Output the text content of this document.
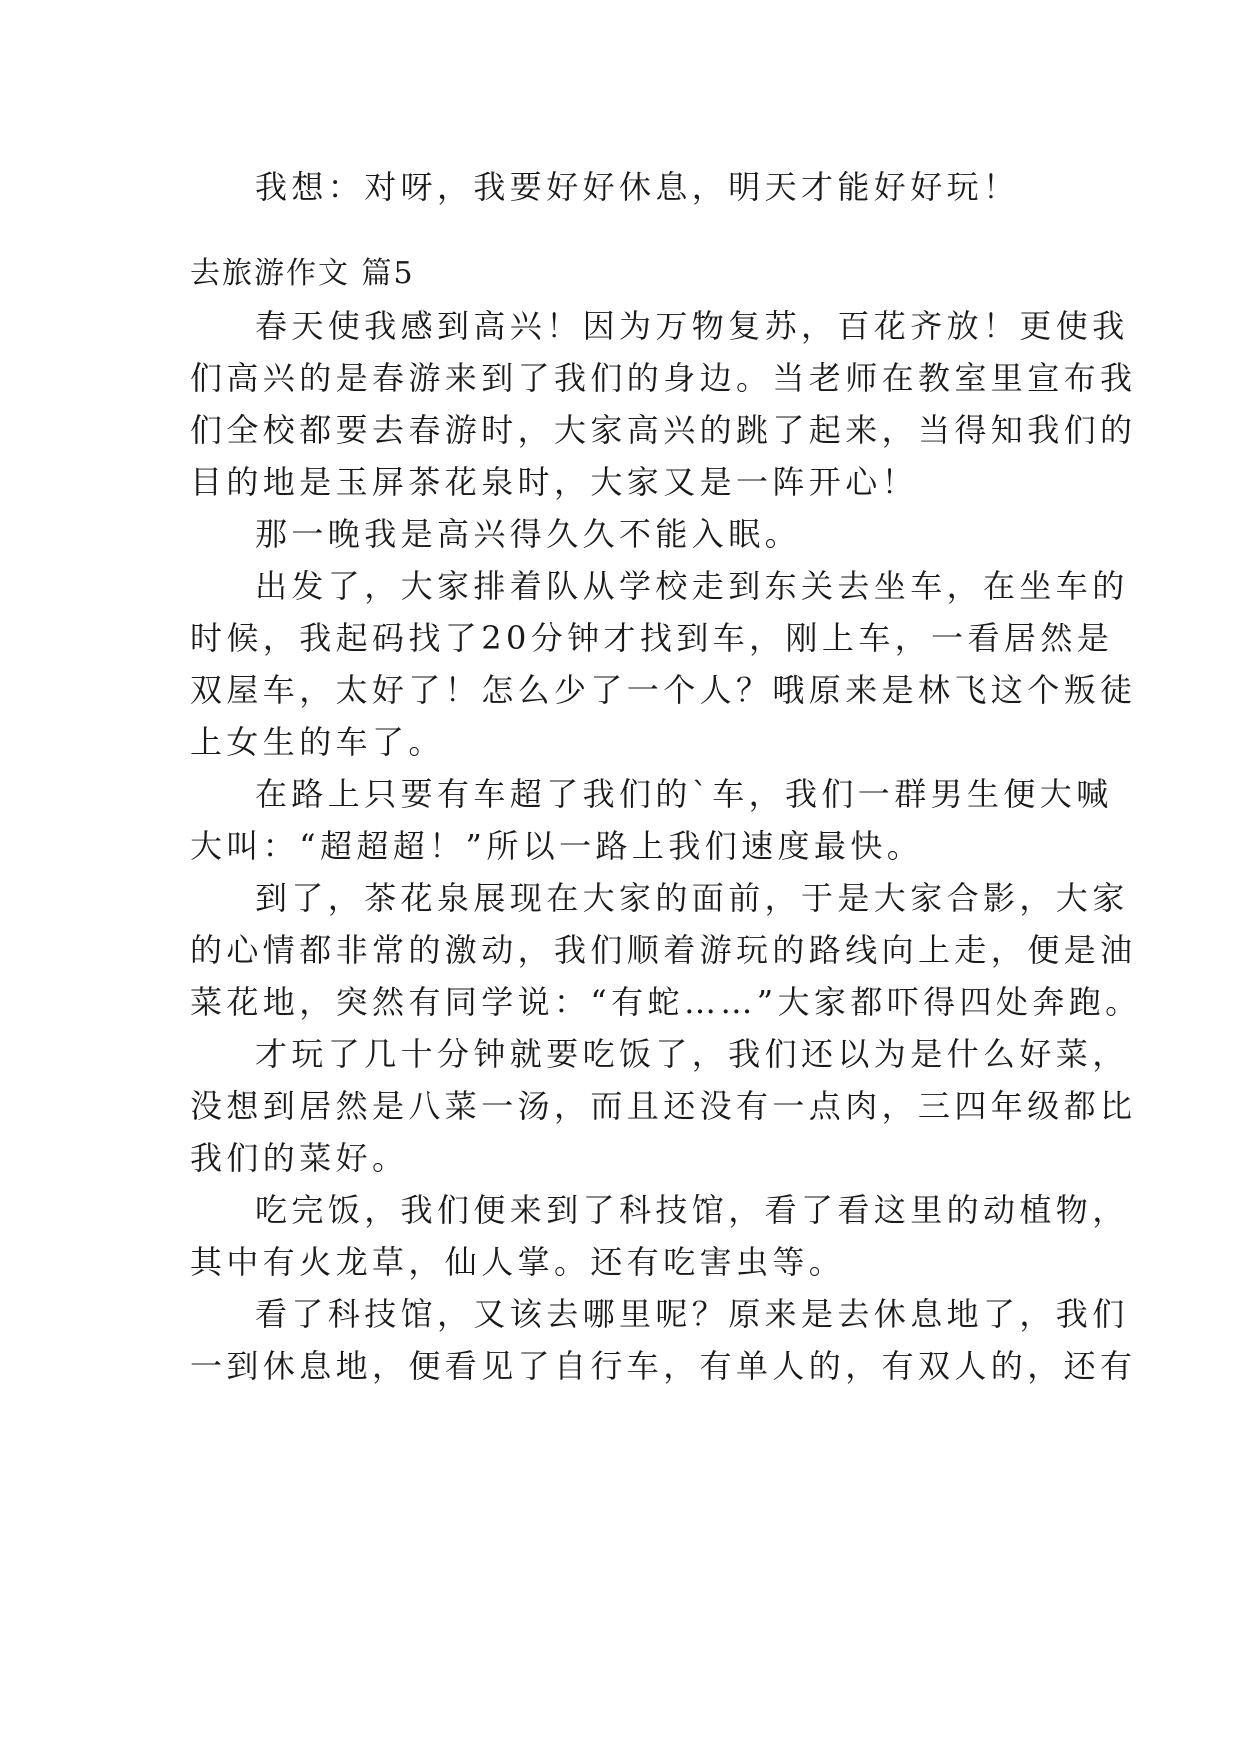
我想：对呀，我要好好休息，明天才能好好玩！
去旅游作文 篇5
春天使我感到高兴！因为万物复苏，百花齐放！更使我
们高兴的是春游来到了我们的身边。当老师在教室里宣布我
们全校都要去春游时，大家高兴的跳了起来，当得知我们的
目的地是玉屏茶花泉时，大家又是一阵开心！
那一晚我是高兴得久久不能入眠。
出发了，大家排着队从学校走到东关去坐车，在坐车的
时候，我起码找了20分钟才找到车，刚上车，一看居然是
双屋车，太好了！怎么少了一个人？哦原来是林飞这个叛徒
上女生的车了。
在路上只要有车超了我们的`车，我们一群男生便大喊
大叫：“超超超！”所以一路上我们速度最快。
到了，茶花泉展现在大家的面前，于是大家合影，大家
的心情都非常的激动，我们顺着游玩的路线向上走，便是油
菜花地，突然有同学说：“有蛇……”大家都吓得四处奔跑。
才玩了几十分钟就要吃饭了，我们还以为是什么好菜，
没想到居然是八菜一汤，而且还没有一点肉，三四年级都比
我们的菜好。
吃完饭，我们便来到了科技馆，看了看这里的动植物，
其中有火龙草，仙人掌。还有吃害虫等。
看了科技馆，又该去哪里呢？原来是去休息地了，我们
一到休息地，便看见了自行车，有单人的，有双人的，还有
